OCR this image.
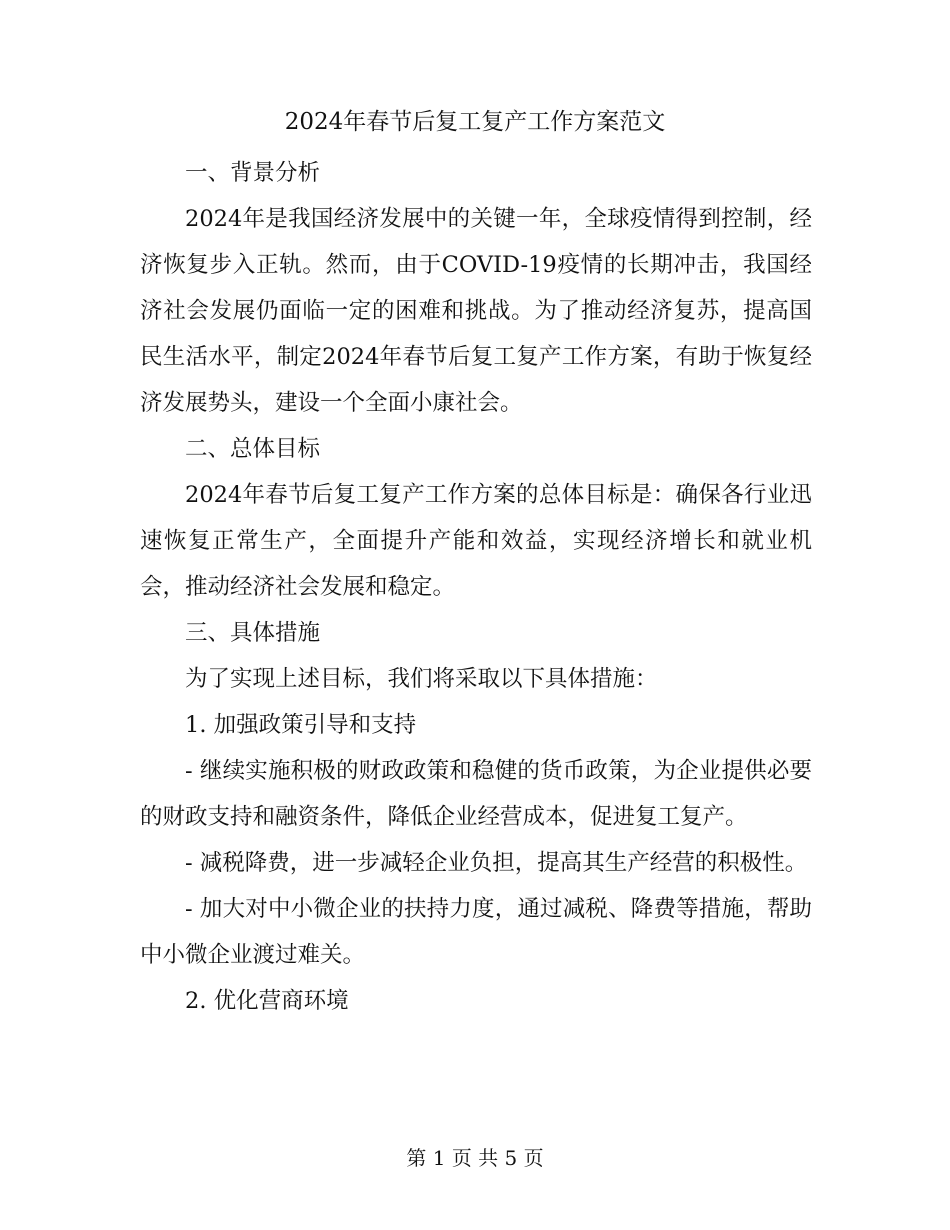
2024年春节后复工复产工作方案范文

一、背景分析

2024年是我国经济发展中的关键一年，全球疫情得到控制，经济恢复步入正轨。然而，由于COVID-19疫情的长期冲击，我国经济社会发展仍面临一定的困难和挑战。为了推动经济复苏，提高国民生活水平，制定2024年春节后复工复产工作方案，有助于恢复经济发展势头，建设一个全面小康社会。

二、总体目标

2024年春节后复工复产工作方案的总体目标是：确保各行业迅速恢复正常生产，全面提升产能和效益，实现经济增长和就业机会，推动经济社会发展和稳定。

三、具体措施

为了实现上述目标，我们将采取以下具体措施：

1. 加强政策引导和支持

- 继续实施积极的财政政策和稳健的货币政策，为企业提供必要的财政支持和融资条件，降低企业经营成本，促进复工复产。

- 减税降费，进一步减轻企业负担，提高其生产经营的积极性。

- 加大对中小微企业的扶持力度，通过减税、降费等措施，帮助中小微企业渡过难关。

2. 优化营商环境

第 1 页 共 5 页
